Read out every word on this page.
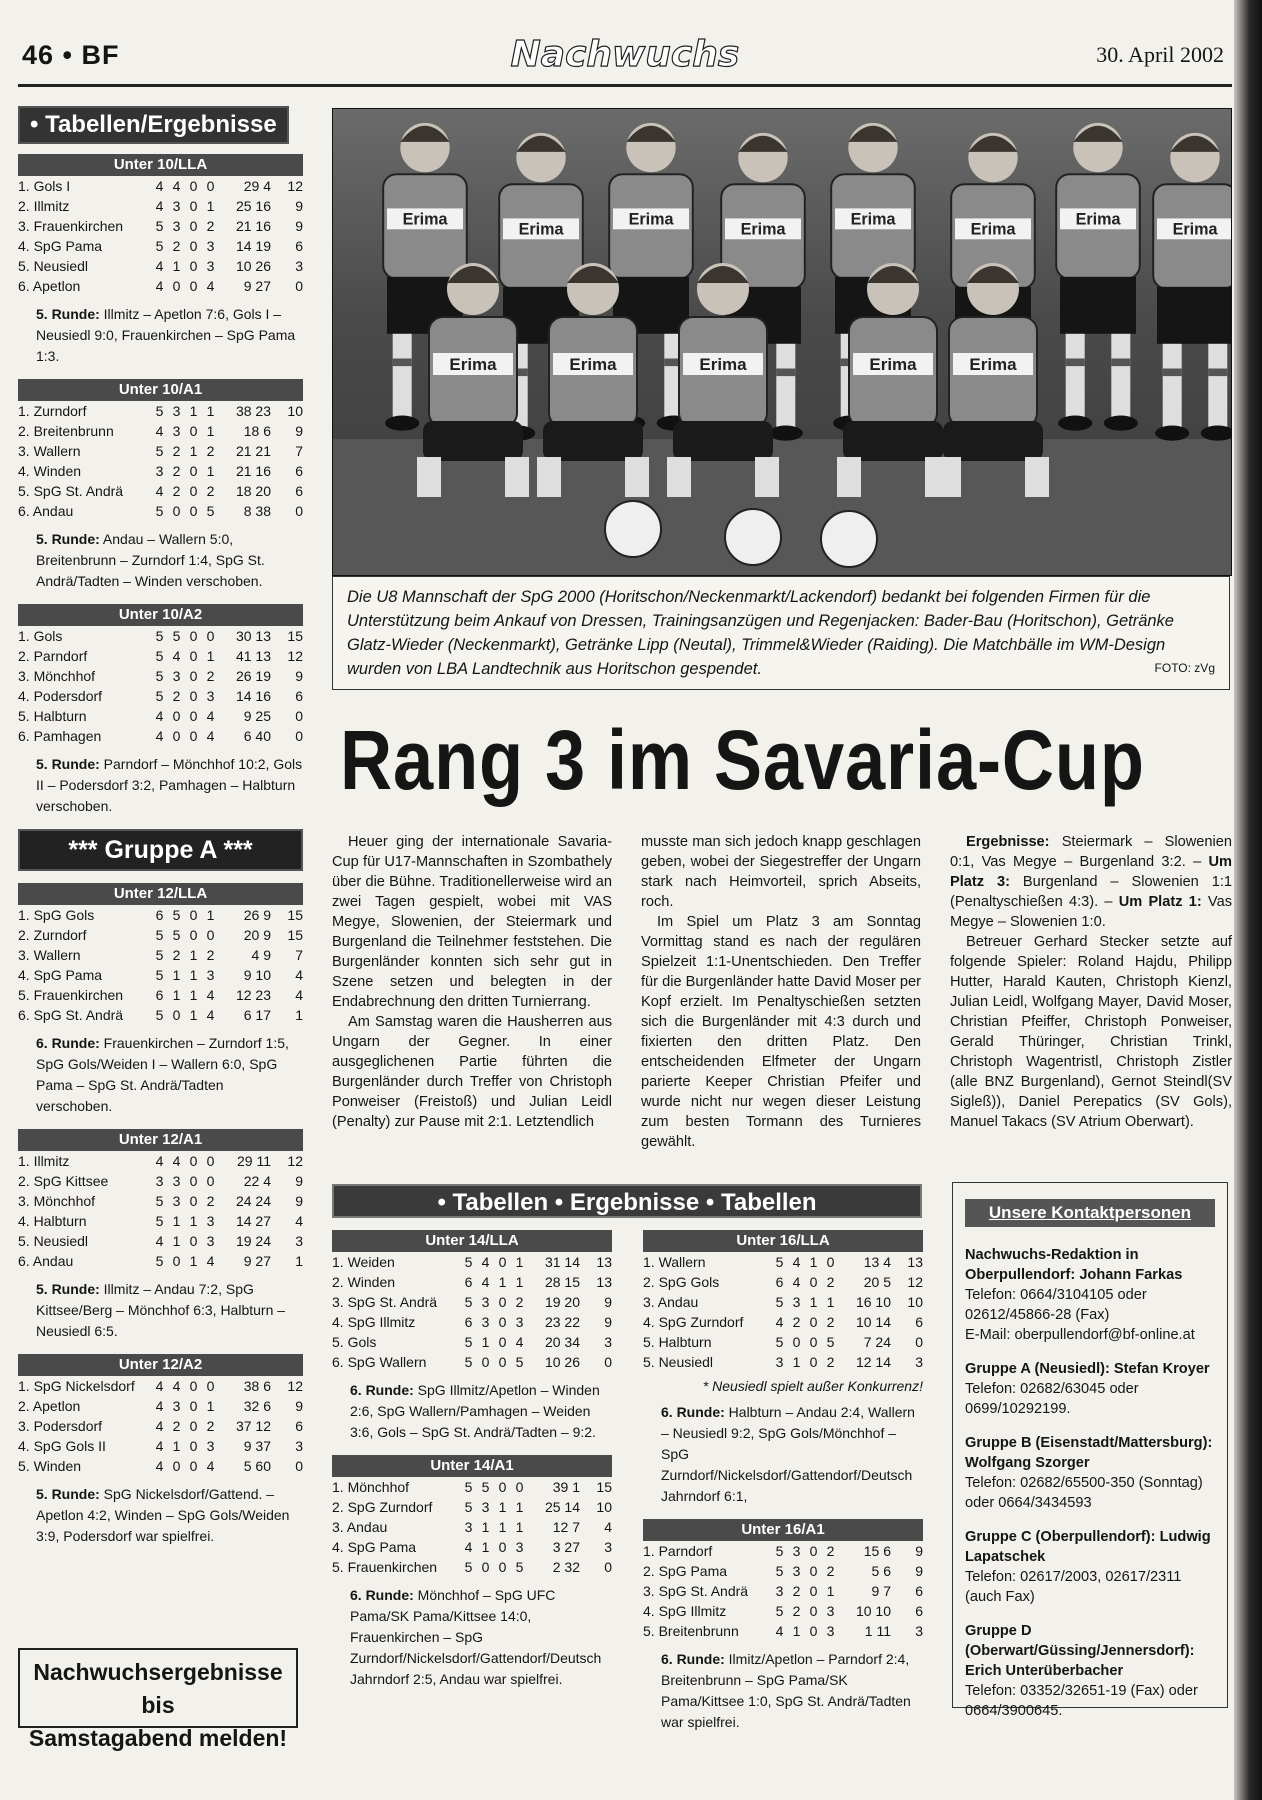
46 • BF	Nachwuchs	30. April 2002
• Tabellen/Ergebnisse
Unter 10/LLA
1. Gols I	4	4	0	0	29 4	12
2. Illmitz	4	3	0	1	25 16	9
3. Frauenkirchen	5	3	0	2	21 16	9
4. SpG Pama	5	2	0	3	14 19	6
5. Neusiedl	4	1	0	3	10 26	3
6. Apetlon	4	0	0	4	9 27	0
5. Runde: Illmitz – Apetlon 7:6, Gols I – Neusiedl 9:0, Frauenkirchen – SpG Pama 1:3.
Unter 10/A1
1. Zurndorf	5	3	1	1	38 23	10
2. Breitenbrunn	4	3	0	1	18 6	9
3. Wallern	5	2	1	2	21 21	7
4. Winden	3	2	0	1	21 16	6
5. SpG St. Andrä	4	2	0	2	18 20	6
6. Andau	5	0	0	5	8 38	0
5. Runde: Andau – Wallern 5:0, Breitenbrunn – Zurndorf 1:4, SpG St. Andrä/Tadten – Winden verschoben.
Unter 10/A2
1. Gols	5	5	0	0	30 13	15
2. Parndorf	5	4	0	1	41 13	12
3. Mönchhof	5	3	0	2	26 19	9
4. Podersdorf	5	2	0	3	14 16	6
5. Halbturn	4	0	0	4	9 25	0
6. Pamhagen	4	0	0	4	6 40	0
5. Runde: Parndorf – Mönchhof 10:2, Gols II – Podersdorf 3:2, Pamhagen – Halbturn verschoben.
*** Gruppe A ***
Unter 12/LLA
1. SpG Gols	6	5	0	1	26 9	15
2. Zurndorf	5	5	0	0	20 9	15
3. Wallern	5	2	1	2	4 9	7
4. SpG Pama	5	1	1	3	9 10	4
5. Frauenkirchen	6	1	1	4	12 23	4
6. SpG St. Andrä	5	0	1	4	6 17	1
6. Runde: Frauenkirchen – Zurndorf 1:5, SpG Gols/Weiden I – Wallern 6:0, SpG Pama – SpG St. Andrä/Tadten verschoben.
Unter 12/A1
1. Illmitz	4	4	0	0	29 11	12
2. SpG Kittsee	3	3	0	0	22 4	9
3. Mönchhof	5	3	0	2	24 24	9
4. Halbturn	5	1	1	3	14 27	4
5. Neusiedl	4	1	0	3	19 24	3
6. Andau	5	0	1	4	9 27	1
5. Runde: Illmitz – Andau 7:2, SpG Kittsee/Berg – Mönchhof 6:3, Halbturn – Neusiedl 6:5.
Unter 12/A2
1. SpG Nickelsdorf	4	4	0	0	38 6	12
2. Apetlon	4	3	0	1	32 6	9
3. Podersdorf	4	2	0	2	37 12	6
4. SpG Gols II	4	1	0	3	9 37	3
5. Winden	4	0	0	4	5 60	0
5. Runde: SpG Nickelsdorf/Gattend. – Apetlon 4:2, Winden – SpG Gols/Weiden 3:9, Podersdorf war spielfrei.
Nachwuchsergebnisse bis
Samstagabend melden!
Erima
Erima
Erima
Erima
Erima
Erima
Erima
Erima
Erima	Erima	Erima	Erima	Erima
Die U8 Mannschaft der SpG 2000 (Horitschon/Neckenmarkt/Lackendorf) bedankt bei folgenden Firmen für die Unterstützung beim Ankauf von Dressen, Trainingsanzügen und Regenjacken: Bader-Bau (Horitschon), Getränke Glatz-Wieder (Neckenmarkt), Getränke Lipp (Neutal), Trimmel&Wieder (Raiding). Die Matchbälle im WM-Design wurden von LBA Landtechnik aus Horitschon gespendet.	FOTO: zVg
Rang 3 im Savaria-Cup

Heuer ging der internationale Savaria-Cup für U17-Mannschaften in Szombathely über die Bühne. Traditionellerweise wird an zwei Tagen gespielt, wobei mit VAS Megye, Slowenien, der Steiermark und Burgenland die Teilnehmer feststehen. Die Burgenländer konnten sich sehr gut in Szene setzen und belegten in der Endabrechnung den dritten Turnierrang.

Am Samstag waren die Hausherren aus Ungarn der Gegner. In einer ausgeglichenen Partie führten die Burgenländer durch Treffer von Christoph Ponweiser (Freistoß) und Julian Leidl (Penalty) zur Pause mit 2:1. Letztendlich

musste man sich jedoch knapp geschlagen geben, wobei der Siegestreffer der Ungarn stark nach Heimvorteil, sprich Abseits, roch.

Im Spiel um Platz 3 am Sonntag Vormittag stand es nach der regulären Spielzeit 1:1-Unentschieden. Den Treffer für die Burgenländer hatte David Moser per Kopf erzielt. Im Penaltyschießen setzten sich die Burgenländer mit 4:3 durch und fixierten den dritten Platz. Den entscheidenden Elfmeter der Ungarn parierte Keeper Christian Pfeifer und wurde nicht nur wegen dieser Leistung zum besten Tormann des Turnieres gewählt.

Ergebnisse: Steiermark – Slowenien 0:1, Vas Megye – Burgenland 3:2. – Um Platz 3: Burgenland – Slowenien 1:1 (Penaltyschießen 4:3). – Um Platz 1: Vas Megye – Slowenien 1:0.

Betreuer Gerhard Stecker setzte auf folgende Spieler: Roland Hajdu, Philipp Hutter, Harald Kauten, Christoph Kienzl, Julian Leidl, Wolfgang Mayer, David Moser, Christian Pfeiffer, Christoph Ponweiser, Gerald Thüringer, Christian Trinkl, Christoph Wagentristl, Christoph Zistler (alle BNZ Burgenland), Gernot Steindl(SV Sigleß)), Daniel Perepatics (SV Gols), Manuel Takacs (SV Atrium Oberwart).

• Tabellen • Ergebnisse • Tabellen
Unter 14/LLA
1. Weiden	5	4	0	1	31 14	13
2. Winden	6	4	1	1	28 15	13
3. SpG St. Andrä	5	3	0	2	19 20	9
4. SpG Illmitz	6	3	0	3	23 22	9
5. Gols	5	1	0	4	20 34	3
6. SpG Wallern	5	0	0	5	10 26	0
6. Runde: SpG Illmitz/Apetlon – Winden 2:6, SpG Wallern/Pamhagen – Weiden 3:6, Gols – SpG St. Andrä/Tadten – 9:2.
Unter 14/A1
1. Mönchhof	5	5	0	0	39 1	15
2. SpG Zurndorf	5	3	1	1	25 14	10
3. Andau	3	1	1	1	12 7	4
4. SpG Pama	4	1	0	3	3 27	3
5. Frauenkirchen	5	0	0	5	2 32	0
6. Runde: Mönchhof – SpG UFC Pama/SK Pama/Kittsee 14:0, Frauenkirchen – SpG Zurndorf/Nickelsdorf/Gattendorf/Deutsch Jahrndorf 2:5, Andau war spielfrei.
Unter 16/LLA
1. Wallern	5	4	1	0	13 4	13
2. SpG Gols	6	4	0	2	20 5	12
3. Andau	5	3	1	1	16 10	10
4. SpG Zurndorf	4	2	0	2	10 14	6
5. Halbturn	5	0	0	5	7 24	0
5. Neusiedl	3	1	0	2	12 14	3
* Neusiedl spielt außer Konkurrenz!
6. Runde: Halbturn – Andau 2:4, Wallern – Neusiedl 9:2, SpG Gols/Mönchhof – SpG Zurndorf/Nickelsdorf/Gattendorf/Deutsch Jahrndorf 6:1,
Unter 16/A1
1. Parndorf	5	3	0	2	15 6	9
2. SpG Pama	5	3	0	2	5 6	9
3. SpG St. Andrä	3	2	0	1	9 7	6
4. SpG Illmitz	5	2	0	3	10 10	6
5. Breitenbrunn	4	1	0	3	1 11	3
6. Runde: Ilmitz/Apetlon – Parndorf 2:4, Breitenbrunn – SpG Pama/SK Pama/Kittsee 1:0, SpG St. Andrä/Tadten war spielfrei.
Unsere Kontaktpersonen
Nachwuchs-Redaktion in Oberpullendorf: Johann Farkas
Telefon: 0664/3104105 oder 02612/45866-28 (Fax)
E-Mail: oberpullendorf@bf-online.at
Gruppe A (Neusiedl): Stefan Kroyer
Telefon: 02682/63045 oder 0699/10292199.
Gruppe B (Eisenstadt/Mattersburg): Wolfgang Szorger
Telefon: 02682/65500-350 (Sonntag) oder 0664/3434593
Gruppe C (Oberpullendorf): Ludwig Lapatschek
Telefon: 02617/2003, 02617/2311 (auch Fax)
Gruppe D (Oberwart/Güssing/Jennersdorf): Erich Unterüberbacher
Telefon: 03352/32651-19 (Fax) oder 0664/3900645.
